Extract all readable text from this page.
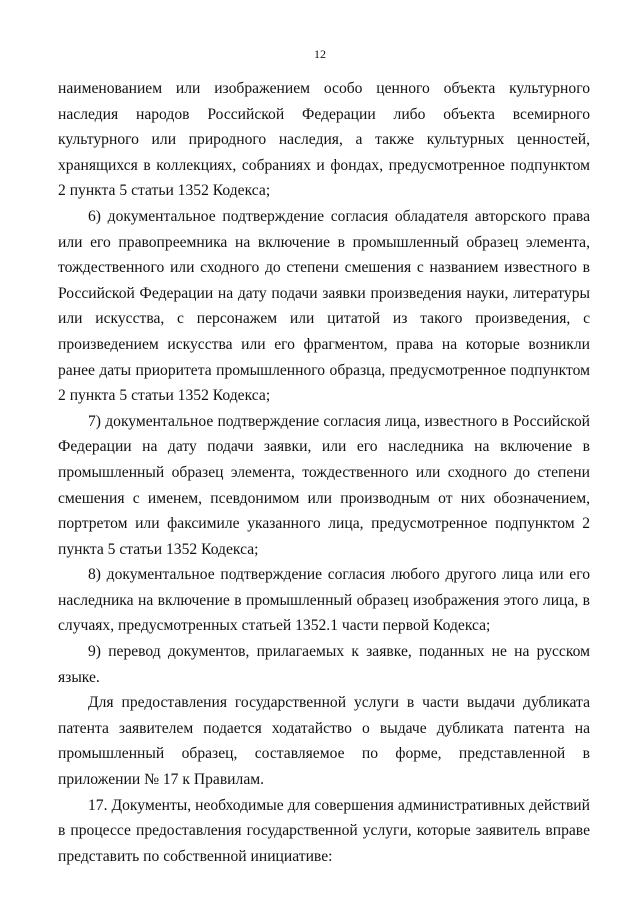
12

наименованием или изображением особо ценного объекта культурного наследия народов Российской Федерации либо объекта всемирного культурного или природного наследия, а также культурных ценностей, хранящихся в коллекциях, собраниях и фондах, предусмотренное подпунктом 2 пункта 5 статьи 1352 Кодекса;

6) документальное подтверждение согласия обладателя авторского права или его правопреемника на включение в промышленный образец элемента, тождественного или сходного до степени смешения с названием известного в Российской Федерации на дату подачи заявки произведения науки, литературы или искусства, с персонажем или цитатой из такого произведения, с произведением искусства или его фрагментом, права на которые возникли ранее даты приоритета промышленного образца, предусмотренное подпунктом 2 пункта 5 статьи 1352 Кодекса;

7) документальное подтверждение согласия лица, известного в Российской Федерации на дату подачи заявки, или его наследника на включение в промышленный образец элемента, тождественного или сходного до степени смешения с именем, псевдонимом или производным от них обозначением, портретом или факсимиле указанного лица, предусмотренное подпунктом 2 пункта 5 статьи 1352 Кодекса;

8) документальное подтверждение согласия любого другого лица или его наследника на включение в промышленный образец изображения этого лица, в случаях, предусмотренных статьей 1352.1 части первой Кодекса;

9) перевод документов, прилагаемых к заявке, поданных не на русском языке.

Для предоставления государственной услуги в части выдачи дубликата патента заявителем подается ходатайство о выдаче дубликата патента на промышленный образец, составляемое по форме, представленной в приложении № 17 к Правилам.

17. Документы, необходимые для совершения административных действий в процессе предоставления государственной услуги, которые заявитель вправе представить по собственной инициативе:
